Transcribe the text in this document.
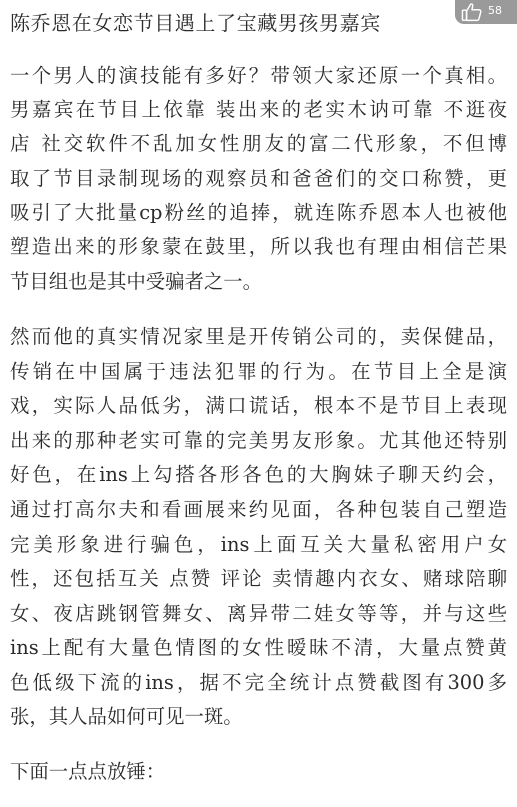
陈乔恩在女恋节目遇上了宝藏男孩男嘉宾
58
一个男人的演技能有多好？带领大家还原一个真相。
男嘉宾在节目上依靠 装出来的老实木讷可靠 不逛夜
店 社交软件不乱加女性朋友的富二代形象，不但博
取了节目录制现场的观察员和爸爸们的交口称赞，更
吸引了大批量cp粉丝的追捧，就连陈乔恩本人也被他
塑造出来的形象蒙在鼓里，所以我也有理由相信芒果
节目组也是其中受骗者之一。
然而他的真实情况家里是开传销公司的，卖保健品，
传销在中国属于违法犯罪的行为。在节目上全是演
戏，实际人品低劣，满口谎话，根本不是节目上表现
出来的那种老实可靠的完美男友形象。尤其他还特别
好色，在ins上勾搭各形各色的大胸妹子聊天约会，
通过打高尔夫和看画展来约见面，各种包装自己塑造
完美形象进行骗色，ins上面互关大量私密用户女
性，还包括互关 点赞 评论 卖情趣内衣女、赌球陪聊
女、夜店跳钢管舞女、离异带二娃女等等，并与这些
ins上配有大量色情图的女性暧昧不清，大量点赞黄
色低级下流的ins，据不完全统计点赞截图有300多
张，其人品如何可见一斑。
下面一点点放锤：
